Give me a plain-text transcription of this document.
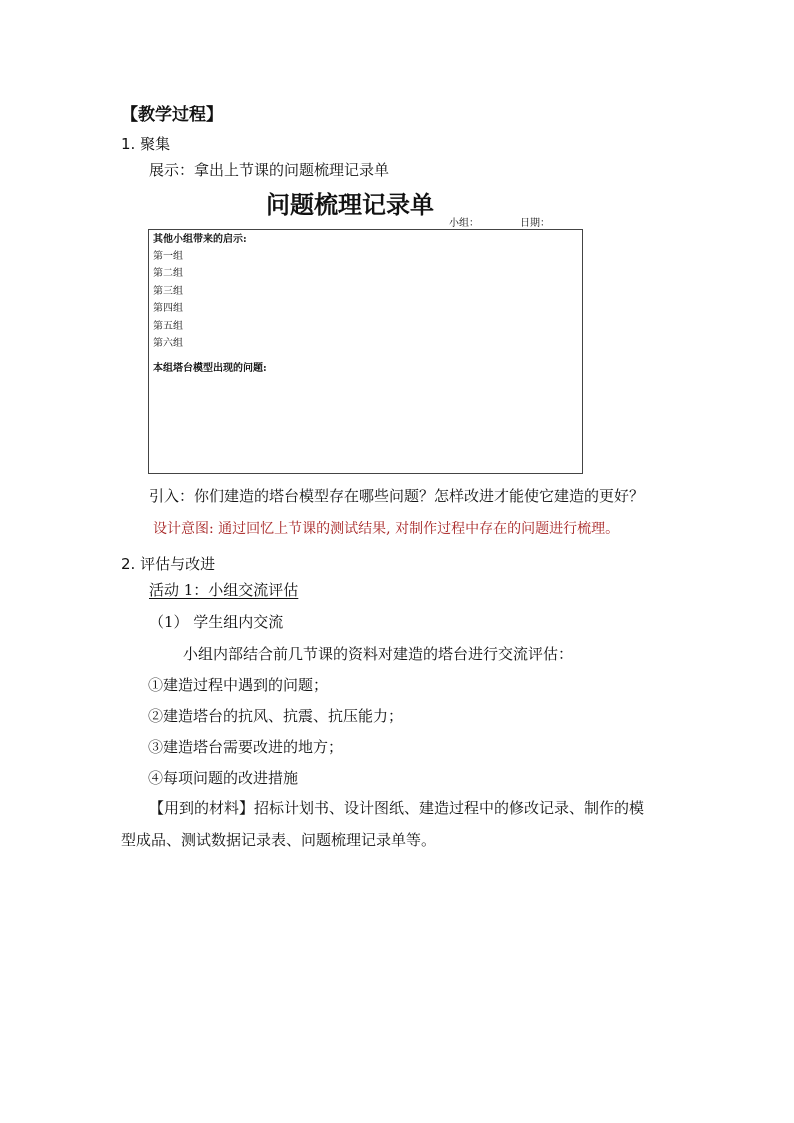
【教学过程】
1. 聚集
展示：拿出上节课的问题梳理记录单
问题梳理记录单
小组：	日期：
其他小组带来的启示:
第一组
第二组
第三组
第四组
第五组
第六组
本组塔台模型出现的问题:
引入：你们建造的塔台模型存在哪些问题？怎样改进才能使它建造的更好？
设计意图: 通过回忆上节课的测试结果, 对制作过程中存在的问题进行梳理。
2. 评估与改进
活动 1：小组交流评估
（1） 学生组内交流
小组内部结合前几节课的资料对建造的塔台进行交流评估：
①建造过程中遇到的问题；
②建造塔台的抗风、抗震、抗压能力；
③建造塔台需要改进的地方；
④每项问题的改进措施
【用到的材料】招标计划书、设计图纸、建造过程中的修改记录、制作的模
型成品、测试数据记录表、问题梳理记录单等。
